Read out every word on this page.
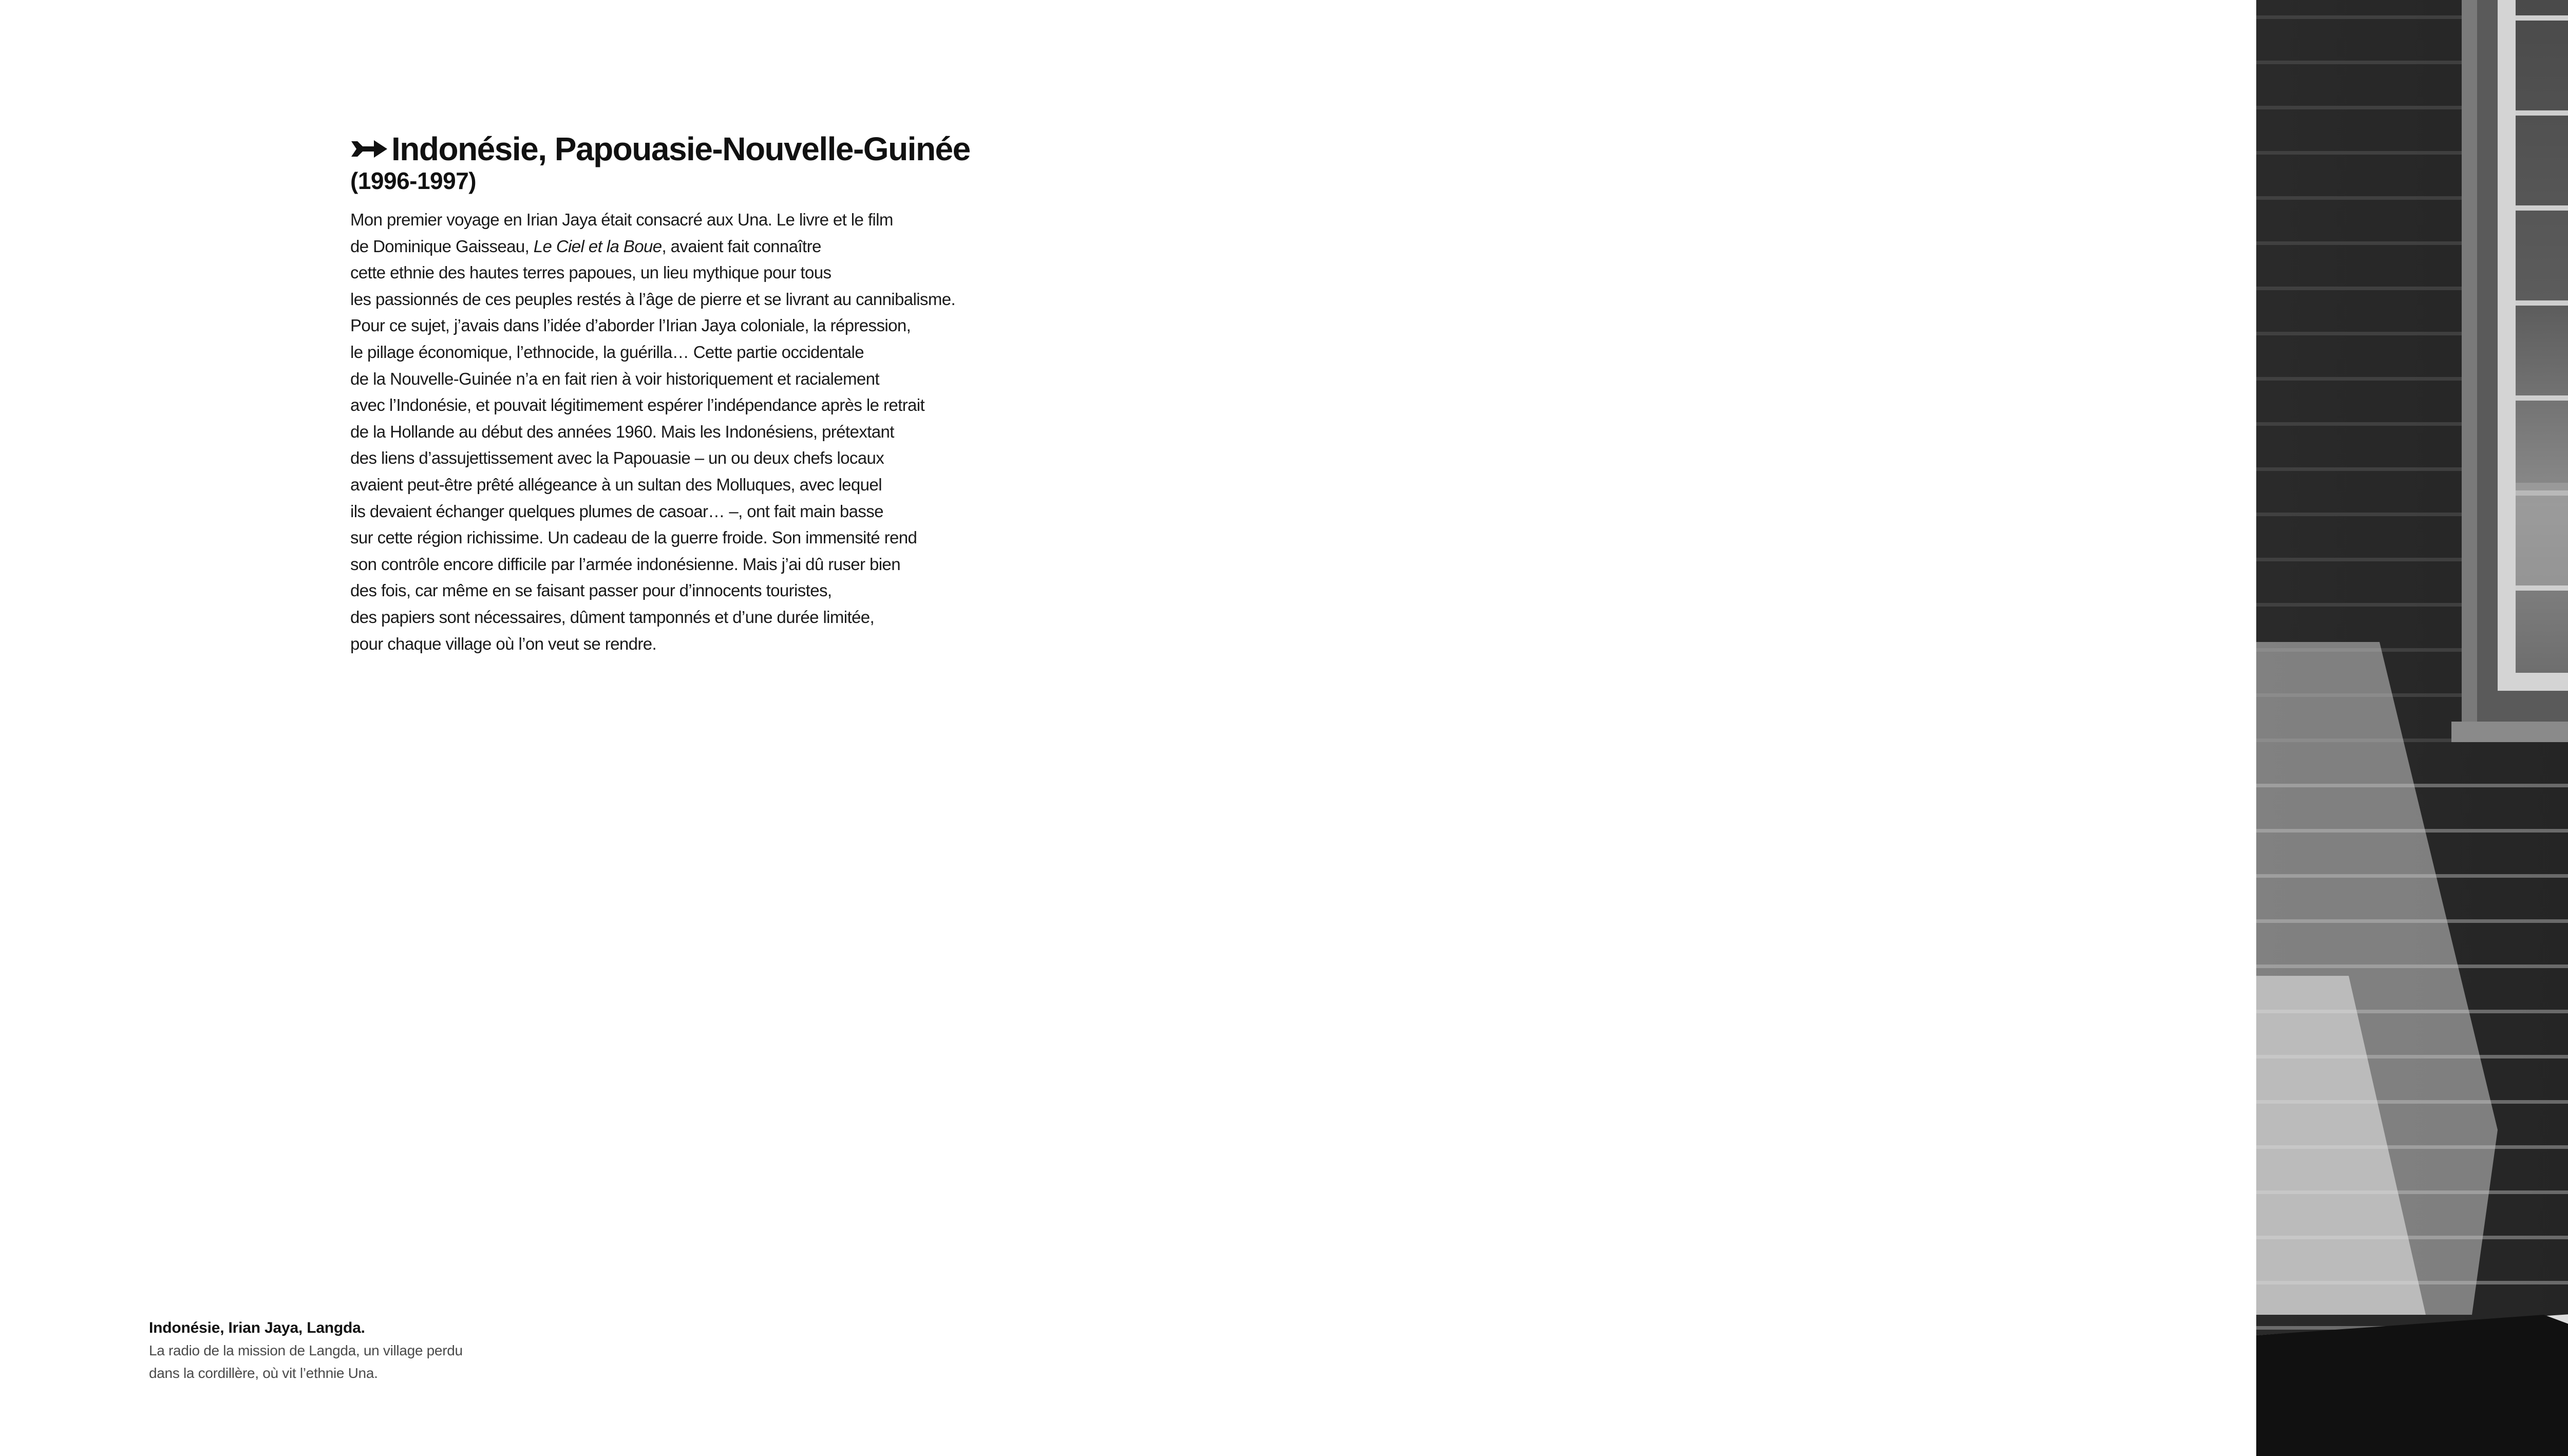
Indonésie, Papouasie-Nouvelle-Guinée
(1996-1997)
Mon premier voyage en Irian Jaya était consacré aux Una. Le livre et le film
de Dominique Gaisseau, Le Ciel et la Boue, avaient fait connaître
cette ethnie des hautes terres papoues, un lieu mythique pour tous
les passionnés de ces peuples restés à l’âge de pierre et se livrant au cannibalisme.
Pour ce sujet, j’avais dans l’idée d’aborder l’Irian Jaya coloniale, la répression,
le pillage économique, l’ethnocide, la guérilla… Cette partie occidentale
de la Nouvelle-Guinée n’a en fait rien à voir historiquement et racialement
avec l’Indonésie, et pouvait légitimement espérer l’indépendance après le retrait
de la Hollande au début des années 1960. Mais les Indonésiens, prétextant
des liens d’assujettissement avec la Papouasie – un ou deux chefs locaux
avaient peut-être prêté allégeance à un sultan des Molluques, avec lequel
ils devaient échanger quelques plumes de casoar… –, ont fait main basse
sur cette région richissime. Un cadeau de la guerre froide. Son immensité rend
son contrôle encore difficile par l’armée indonésienne. Mais j’ai dû ruser bien
des fois, car même en se faisant passer pour d’innocents touristes,
des papiers sont nécessaires, dûment tamponnés et d’une durée limitée,
pour chaque village où l’on veut se rendre.
Indonésie, Irian Jaya, Langda.
La radio de la mission de Langda, un village perdu
dans la cordillère, où vit l’ethnie Una.
